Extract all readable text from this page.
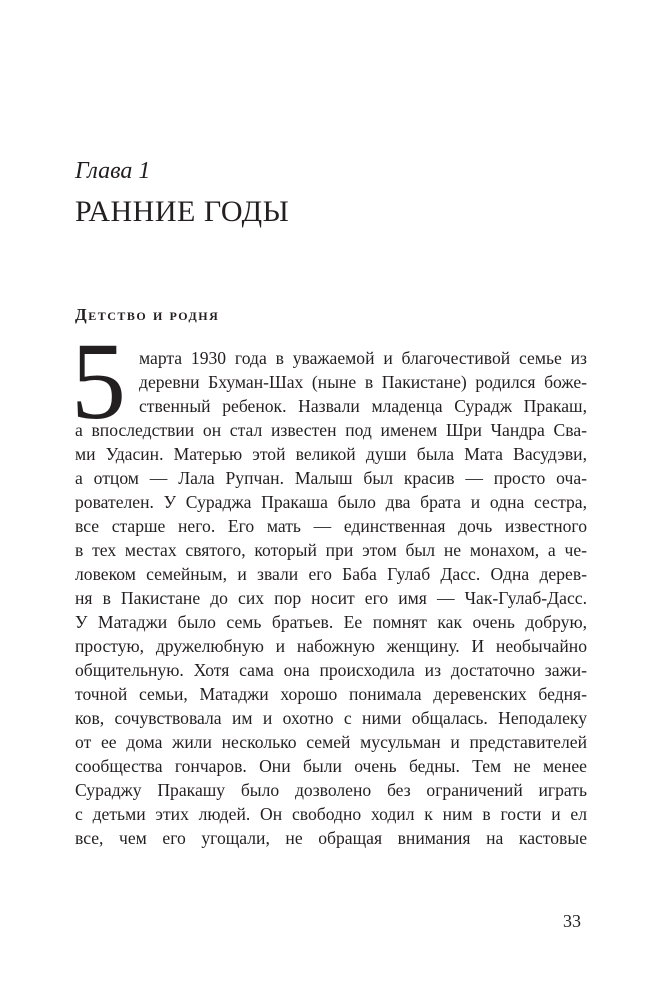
Глава 1
РАННИЕ ГОДЫ
Детство и родня
5 марта 1930 года в уважаемой и благочестивой семье из
деревни Бхуман-Шах (ныне в Пакистане) родился боже-
ственный ребенок. Назвали младенца Сурадж Пракаш,
а впоследствии он стал известен под именем Шри Чандра Сва-
ми Удасин. Матерью этой великой души была Мата Васудэви,
а отцом — Лала Рупчан. Малыш был красив — просто оча-
рователен. У Сураджа Пракаша было два брата и одна сестра,
все старше него. Его мать — единственная дочь известного
в тех местах святого, который при этом был не монахом, а че-
ловеком семейным, и звали его Баба Гулаб Дасс. Одна дерев-
ня в Пакистане до сих пор носит его имя — Чак-Гулаб-Дасс.
У Матаджи было семь братьев. Ее помнят как очень добрую,
простую, дружелюбную и набожную женщину. И необычайно
общительную. Хотя сама она происходила из достаточно зажи-
точной семьи, Матаджи хорошо понимала деревенских бедня-
ков, сочувствовала им и охотно с ними общалась. Неподалеку
от ее дома жили несколько семей мусульман и представителей
сообщества гончаров. Они были очень бедны. Тем не менее
Сураджу Пракашу было дозволено без ограничений играть
с детьми этих людей. Он свободно ходил к ним в гости и ел
все, чем его угощали, не обращая внимания на кастовые
33
